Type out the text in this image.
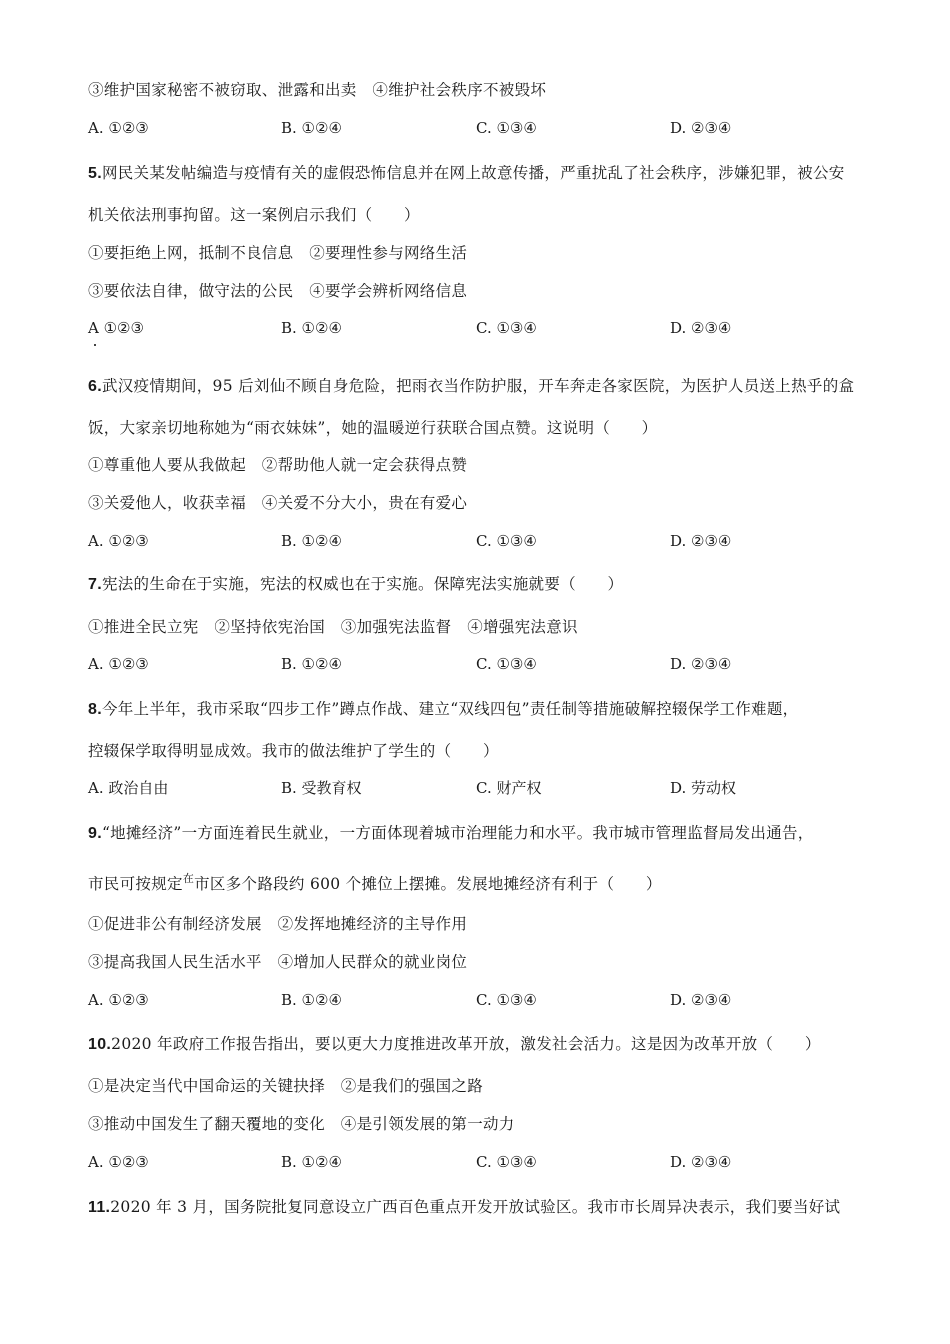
③维护国家秘密不被窃取、泄露和出卖　④维护社会秩序不被毁坏
A. ①②③	B. ①②④	C. ①③④	D. ②③④
5.网民关某发帖编造与疫情有关的虚假恐怖信息并在网上故意传播，严重扰乱了社会秩序，涉嫌犯罪，被公安
机关依法刑事拘留。这一案例启示我们（　　）
①要拒绝上网，抵制不良信息　②要理性参与网络生活
③要依法自律，做守法的公民　④要学会辨析网络信息
A ①②③	B. ①②④	C. ①③④	D. ②③④
6.武汉疫情期间，95 后刘仙不顾自身危险，把雨衣当作防护服，开车奔走各家医院，为医护人员送上热乎的盒
饭，大家亲切地称她为“雨衣妹妹”，她的温暖逆行获联合国点赞。这说明（　　）
①尊重他人要从我做起　②帮助他人就一定会获得点赞
③关爱他人，收获幸福　④关爱不分大小，贵在有爱心
A. ①②③	B. ①②④	C. ①③④	D. ②③④
7.宪法的生命在于实施，宪法的权威也在于实施。保障宪法实施就要（　　）
①推进全民立宪　②坚持依宪治国　③加强宪法监督　④增强宪法意识
A. ①②③	B. ①②④	C. ①③④	D. ②③④
8.今年上半年，我市采取“四步工作”蹲点作战、建立“双线四包”责任制等措施破解控辍保学工作难题，
控辍保学取得明显成效。我市的做法维护了学生的（　　）
A. 政治自由	B. 受教育权	C. 财产权	D. 劳动权
9.“地摊经济”一方面连着民生就业，一方面体现着城市治理能力和水平。我市城市管理监督局发出通告，
市民可按规定$^在$市区多个路段约 600 个摊位上摆摊。发展地摊经济有利于（　　）
①促进非公有制经济发展　②发挥地摊经济的主导作用
③提高我国人民生活水平　④增加人民群众的就业岗位
A. ①②③	B. ①②④	C. ①③④	D. ②③④
10.2020 年政府工作报告指出，要以更大力度推进改革开放，激发社会活力。这是因为改革开放（　　）
①是决定当代中国命运的关键抉择　②是我们的强国之路
③推动中国发生了翻天覆地的变化　④是引领发展的第一动力
A. ①②③	B. ①②④	C. ①③④	D. ②③④
11.2020 年 3 月，国务院批复同意设立广西百色重点开发开放试验区。我市市长周异决表示，我们要当好试
